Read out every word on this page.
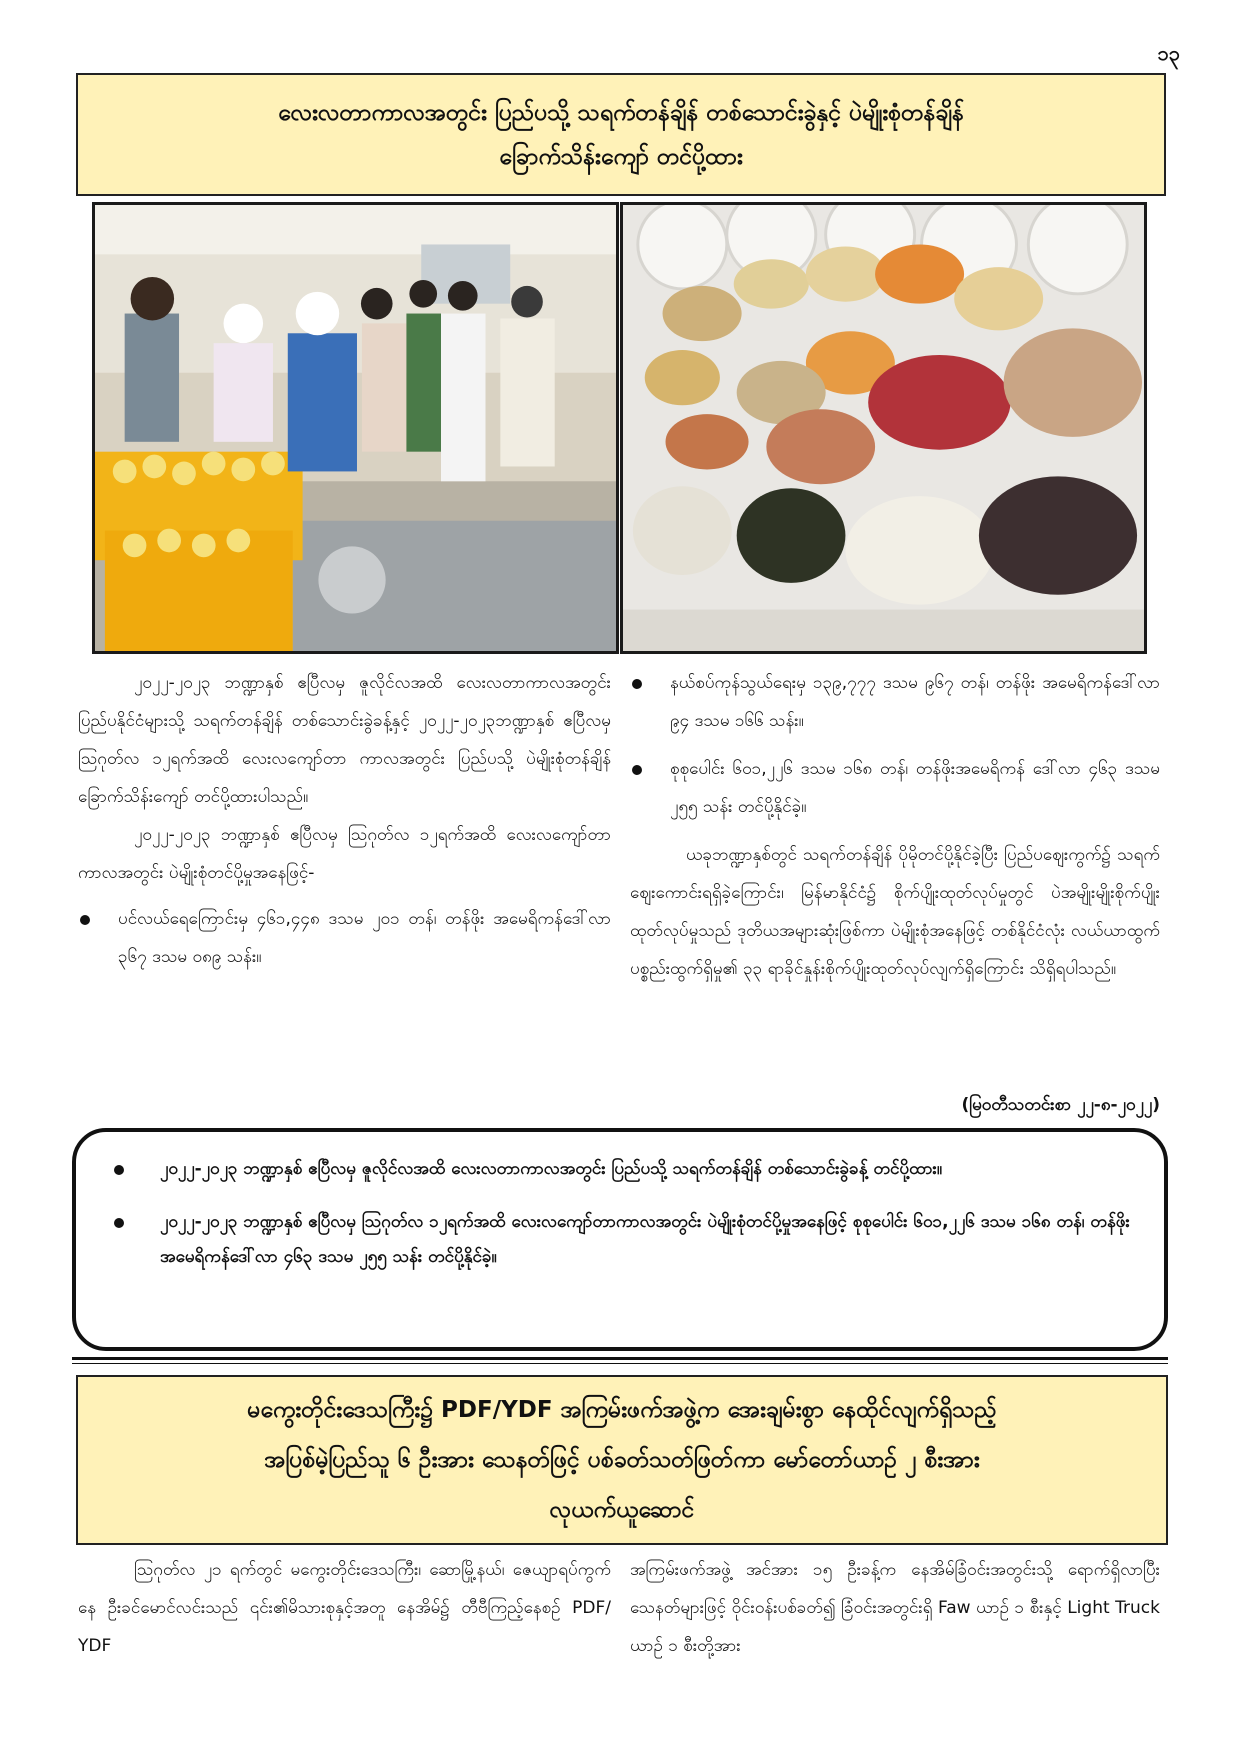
၁၃
လေးလတာကာလအတွင်း ပြည်ပသို့ သရက်တန်ချိန် တစ်သောင်းခွဲနှင့် ပဲမျိုးစုံတန်ချိန်
ခြောက်သိန်းကျော် တင်ပို့ထား

၂၀၂၂-၂၀၂၃ ဘဏ္ဍာနှစ် ဧပြီလမှ ဇူလိုင်လအထိ လေးလတာကာလအတွင်း ပြည်ပနိုင်ငံများသို့ သရက်တန်ချိန် တစ်သောင်းခွဲခန့်နှင့် ၂၀၂၂-၂၀၂၃ဘဏ္ဍာနှစ် ဧပြီလမှ ဩဂုတ်လ ၁၂ရက်အထိ လေးလကျော်တာ ကာလအတွင်း ပြည်ပသို့ ပဲမျိုးစုံတန်ချိန် ခြောက်သိန်းကျော် တင်ပို့ထားပါသည်။

၂၀၂၂-၂၀၂၃ ဘဏ္ဍာနှစ် ဧပြီလမှ ဩဂုတ်လ ၁၂ရက်အထိ လေးလကျော်တာကာလအတွင်း ပဲမျိုးစုံတင်ပို့မှုအနေဖြင့်-

ပင်လယ်ရေကြောင်းမှ ၄၆၁,၄၄၈ ဒသမ ၂၀၁ တန်၊ တန်ဖိုး အမေရိကန်ဒေါ်လာ ၃၆၇ ဒသမ ၀၈၉ သန်း။
နယ်စပ်ကုန်သွယ်ရေးမှ ၁၃၉,၇၇၇ ဒသမ ၉၆၇ တန်၊ တန်ဖိုး အမေရိကန်ဒေါ်လာ ၉၄ ဒသမ ၁၆၆ သန်း။
စုစုပေါင်း ၆၀၁,၂၂၆ ဒသမ ၁၆၈ တန်၊ တန်ဖိုးအမေရိကန် ဒေါ်လာ ၄၆၃ ဒသမ ၂၅၅ သန်း တင်ပို့နိုင်ခဲ့။

ယခုဘဏ္ဍာနှစ်တွင် သရက်တန်ချိန် ပိုမိုတင်ပို့နိုင်ခဲ့ပြီး ပြည်ပဈေးကွက်၌ သရက်ဈေးကောင်းရရှိခဲ့ကြောင်း၊ မြန်မာနိုင်ငံ၌ စိုက်ပျိုးထုတ်လုပ်မှုတွင် ပဲအမျိုးမျိုးစိုက်ပျိုးထုတ်လုပ်မှုသည် ဒုတိယအများဆုံးဖြစ်ကာ ပဲမျိုးစုံအနေဖြင့် တစ်နိုင်ငံလုံး လယ်ယာထွက်ပစ္စည်းထွက်ရှိမှု၏ ၃၃ ရာခိုင်နှုန်းစိုက်ပျိုးထုတ်လုပ်လျက်ရှိကြောင်း သိရှိရပါသည်။

(မြဝတီသတင်းစာ ၂၂-၈-၂၀၂၂)
၂၀၂၂-၂၀၂၃ ဘဏ္ဍာနှစ် ဧပြီလမှ ဇူလိုင်လအထိ လေးလတာကာလအတွင်း ပြည်ပသို့ သရက်တန်ချိန် တစ်သောင်းခွဲခန့် တင်ပို့ထား။
၂၀၂၂-၂၀၂၃ ဘဏ္ဍာနှစ် ဧပြီလမှ ဩဂုတ်လ ၁၂ရက်အထိ လေးလကျော်တာကာလအတွင်း ပဲမျိုးစုံတင်ပို့မှုအနေဖြင့် စုစုပေါင်း ၆၀၁,၂၂၆ ဒသမ ၁၆၈ တန်၊ တန်ဖိုး အမေရိကန်ဒေါ်လာ ၄၆၃ ဒသမ ၂၅၅ သန်း တင်ပို့နိုင်ခဲ့။
မကွေးတိုင်းဒေသကြီး၌ PDF/YDF အကြမ်းဖက်အဖွဲ့က အေးချမ်းစွာ နေထိုင်လျက်ရှိသည့်
အပြစ်မဲ့ပြည်သူ ၆ ဦးအား သေနတ်ဖြင့် ပစ်ခတ်သတ်ဖြတ်ကာ မော်တော်ယာဉ် ၂ စီးအား
လုယက်ယူဆောင်
ဩဂုတ်လ ၂၁ ရက်တွင် မကွေးတိုင်းဒေသကြီး၊ ဆောမြို့နယ်၊ ဇေယျာရပ်ကွက်နေ ဦးခင်မောင်လင်းသည် ၎င်း၏မိသားစုနှင့်အတူ နေအိမ်၌ တီဗီကြည့်နေစဉ် PDF/ YDF
အကြမ်းဖက်အဖွဲ့ အင်အား ၁၅ ဦးခန့်က နေအိမ်ခြံဝင်းအတွင်းသို့ ရောက်ရှိလာပြီး သေနတ်များဖြင့် ဝိုင်းဝန်းပစ်ခတ်၍ ခြံဝင်းအတွင်းရှိ Faw ယာဉ် ၁ စီးနှင့် Light Truck ယာဉ် ၁ စီးတို့အား
